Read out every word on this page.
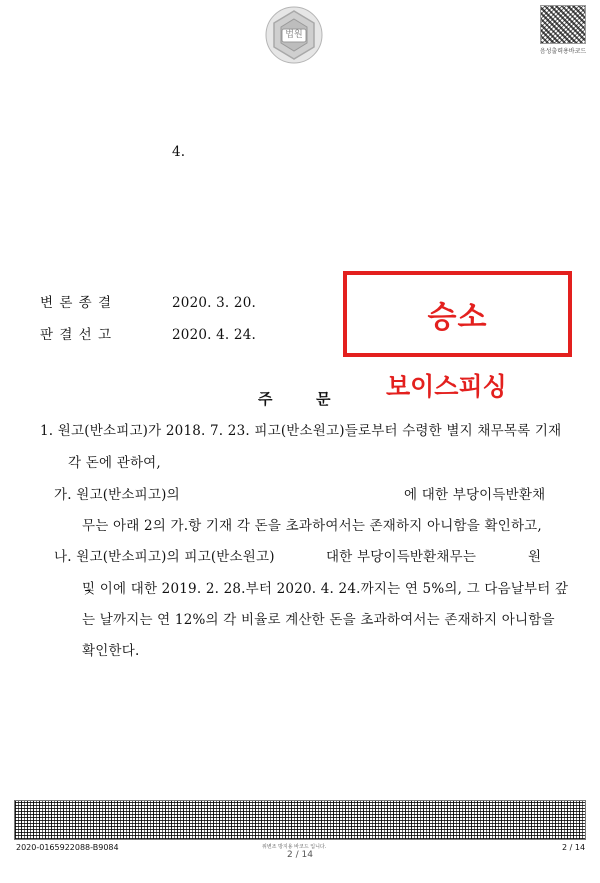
법원
음성출력용바코드
4.
변 론 종 결	2020. 3. 20.
판 결 선 고	2020. 4. 24.	승소
보이스피싱
주	문
1. 원고(반소피고)가 2018. 7. 23. 피고(반소원고)들로부터 수령한 별지 채무목록 기재
각 돈에 관하여,
가. 원고(반소피고)의	에 대한 부당이득반환채
무는 아래 2의 가.항 기재 각 돈을 초과하여서는 존재하지 아니함을 확인하고,
나. 원고(반소피고)의 피고(반소원고)	대한 부당이득반환채무는	원
및 이에 대한 2019. 2. 28.부터 2020. 4. 24.까지는 연 5%의, 그 다음날부터 갚
는 날까지는 연 12%의 각 비율로 계산한 돈을 초과하여서는 존재하지 아니함을
확인한다.
2020-0165922088-B9084	위변조 방지용 바코드 입니다.
2 / 14
2 / 14
